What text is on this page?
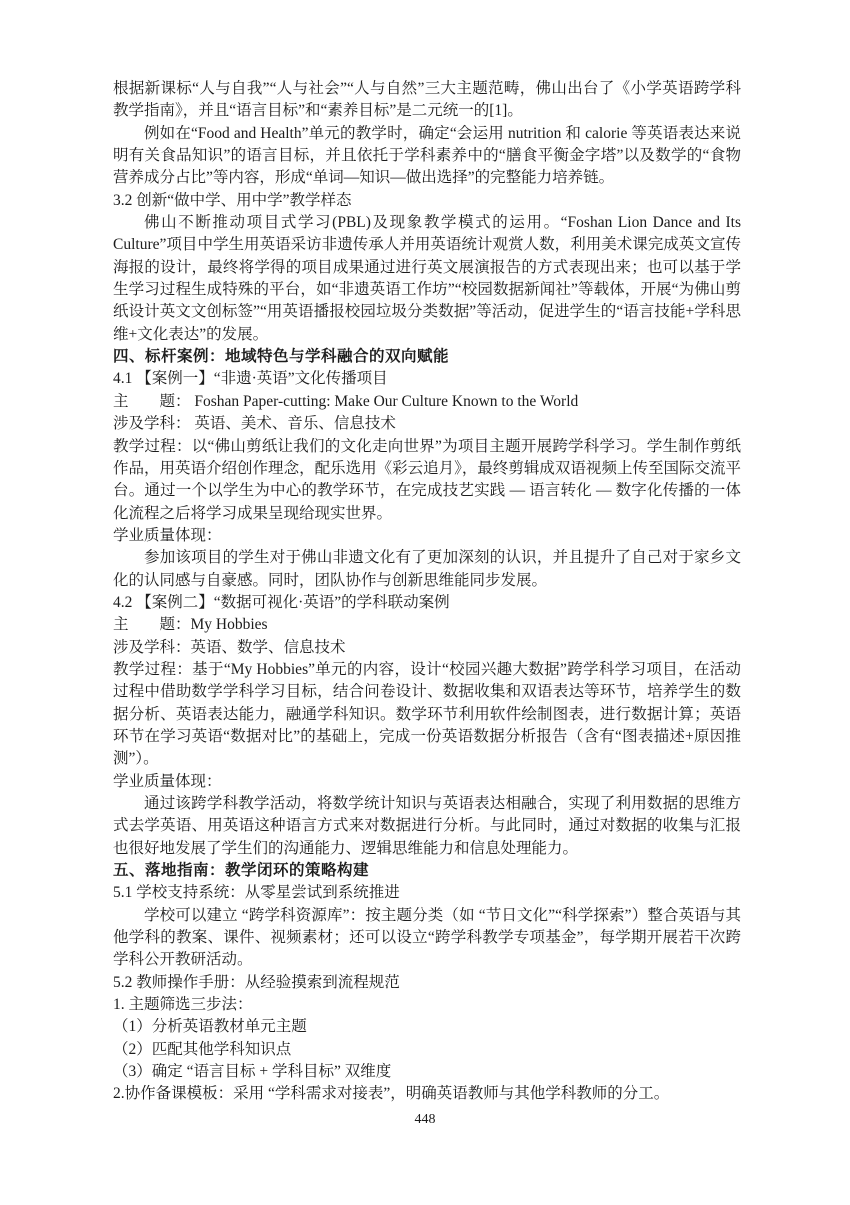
根据新课标“人与自我”“人与社会”“人与自然”三大主题范畴，佛山出台了《小学英语跨学科教学指南》，并且“语言目标”和“素养目标”是二元统一的[1]。

例如在“Food and Health”单元的教学时，确定“会运用 nutrition 和 calorie 等英语表达来说明有关食品知识”的语言目标，并且依托于学科素养中的“膳食平衡金字塔”以及数学的“食物营养成分占比”等内容，形成“单词—知识—做出选择”的完整能力培养链。

3.2 创新“做中学、用中学”教学样态

佛山不断推动项目式学习(PBL)及现象教学模式的运用。“Foshan Lion Dance and Its Culture”项目中学生用英语采访非遗传承人并用英语统计观赏人数，利用美术课完成英文宣传海报的设计，最终将学得的项目成果通过进行英文展演报告的方式表现出来；也可以基于学生学习过程生成特殊的平台，如“非遗英语工作坊”“校园数据新闻社”等载体，开展“为佛山剪纸设计英文文创标签”“用英语播报校园垃圾分类数据”等活动，促进学生的“语言技能+学科思维+文化表达”的发展。

四、标杆案例：地域特色与学科融合的双向赋能

4.1 【案例一】“非遗·英语”文化传播项目

主　　题： Foshan Paper-cutting: Make Our Culture Known to the World

涉及学科： 英语、美术、音乐、信息技术

教学过程：以“佛山剪纸让我们的文化走向世界”为项目主题开展跨学科学习。学生制作剪纸作品，用英语介绍创作理念，配乐选用《彩云追月》，最终剪辑成双语视频上传至国际交流平台。通过一个以学生为中心的教学环节，在完成技艺实践 — 语言转化 — 数字化传播的一体化流程之后将学习成果呈现给现实世界。

学业质量体现：

参加该项目的学生对于佛山非遗文化有了更加深刻的认识，并且提升了自己对于家乡文化的认同感与自豪感。同时，团队协作与创新思维能同步发展。

4.2 【案例二】“数据可视化·英语”的学科联动案例

主　　题：My Hobbies

涉及学科：英语、数学、信息技术

教学过程：基于“My Hobbies”单元的内容，设计“校园兴趣大数据”跨学科学习项目，在活动过程中借助数学学科学习目标，结合问卷设计、数据收集和双语表达等环节，培养学生的数据分析、英语表达能力，融通学科知识。数学环节利用软件绘制图表，进行数据计算；英语环节在学习英语“数据对比”的基础上，完成一份英语数据分析报告（含有“图表描述+原因推测”）。

学业质量体现：

通过该跨学科教学活动，将数学统计知识与英语表达相融合，实现了利用数据的思维方式去学英语、用英语这种语言方式来对数据进行分析。与此同时，通过对数据的收集与汇报也很好地发展了学生们的沟通能力、逻辑思维能力和信息处理能力。

五、落地指南：教学闭环的策略构建

5.1 学校支持系统：从零星尝试到系统推进

学校可以建立 “跨学科资源库”：按主题分类（如 “节日文化”“科学探索”）整合英语与其他学科的教案、课件、视频素材；还可以设立“跨学科教学专项基金”，每学期开展若干次跨学科公开教研活动。

5.2 教师操作手册：从经验摸索到流程规范

1. 主题筛选三步法：

（1）分析英语教材单元主题

（2）匹配其他学科知识点

（3）确定 “语言目标 + 学科目标” 双维度

2.协作备课模板：采用 “学科需求对接表”，明确英语教师与其他学科教师的分工。

448
